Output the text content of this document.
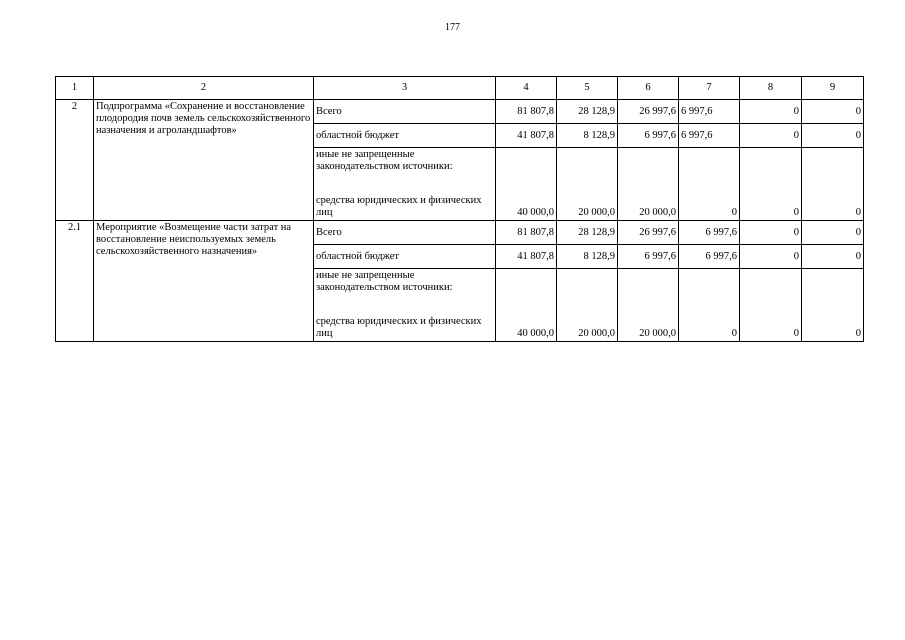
177
1	2	3	4	5	6	7	8	9
2	Подпрограмма «Сохранение и восстановление плодородия почв земель сельскохозяйственного назначения и агроландшафтов»	Всего	81 807,8	28 128,9	26 997,6	6 997,6	0	0
		областной бюджет	41 807,8	8 128,9	6 997,6	6 997,6	0	0
		иные не запрещенные законодательством источники:						
		средства юридических и физических лиц	40 000,0	20 000,0	20 000,0	0	0	0
2.1	Мероприятие «Возмещение части затрат на восстановление неиспользуемых земель сельскохозяйственного назначения»	Всего	81 807,8	28 128,9	26 997,6	6 997,6	0	0
		областной бюджет	41 807,8	8 128,9	6 997,6	6 997,6	0	0
		иные не запрещенные законодательством источники:						
		средства юридических и физических лиц	40 000,0	20 000,0	20 000,0	0	0	0
